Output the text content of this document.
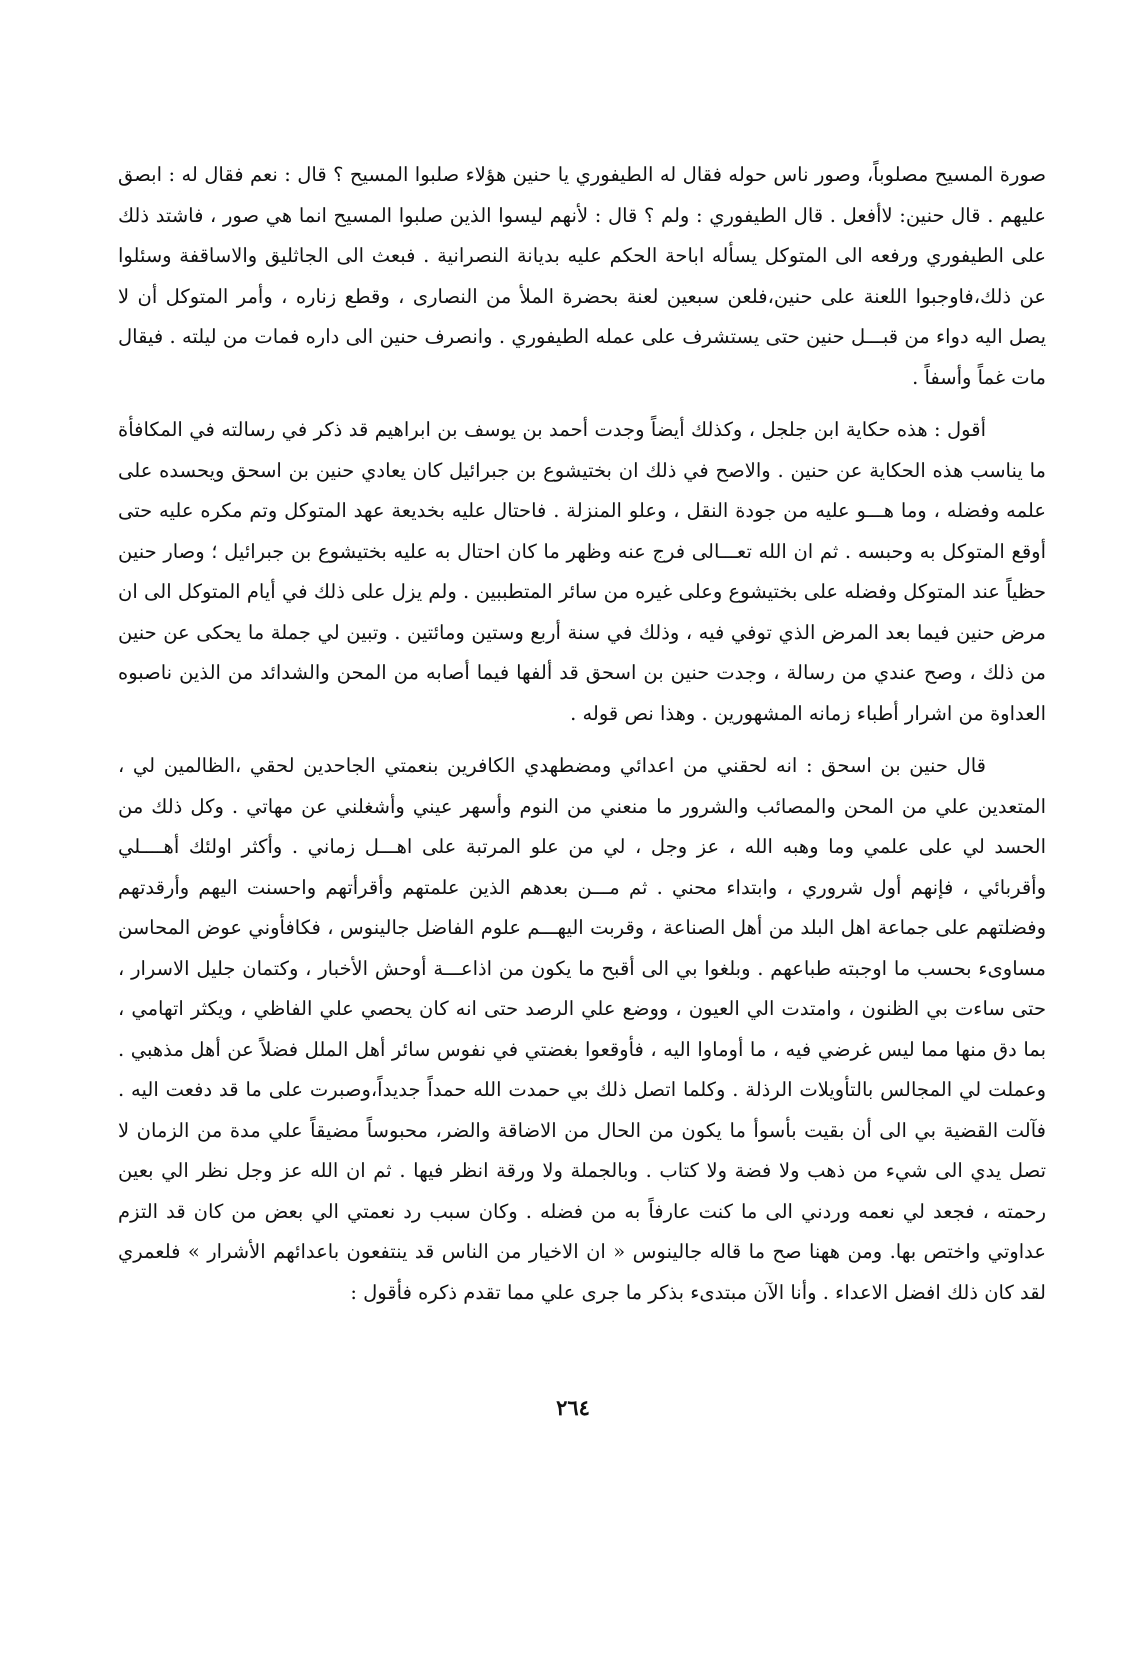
صورة المسيح مصلوباً، وصور ناس حوله فقال له الطيفوري يا حنين هؤلاء صلبوا المسيح ؟ قال : نعم فقال له : ابصق عليهم . قال حنين: لاأفعل . قال الطيفوري : ولم ؟ قال : لأنهم ليسوا الذين صلبوا المسيح انما هي صور ، فاشتد ذلك على الطيفوري ورفعه الى المتوكل يسأله اباحة الحكم عليه بديانة النصرانية . فبعث الى الجاثليق والاساقفة وسئلوا عن ذلك،فاوجبوا اللعنة على حنين،فلعن سبعين لعنة بحضرة الملأ من النصارى ، وقطع زناره ، وأمر المتوكل أن لا يصل اليه دواء من قبـــل حنين حتى يستشرف على عمله الطيفوري . وانصرف حنين الى داره فمات من ليلته . فيقال مات غماً وأسفاً .

أقول : هذه حكاية ابن جلجل ، وكذلك أيضاً وجدت أحمد بن يوسف بن ابراهيم قد ذكر في رسالته في المكافأة ما يناسب هذه الحكاية عن حنين . والاصح في ذلك ان بختيشوع بن جبرائيل كان يعادي حنين بن اسحق ويحسده على علمه وفضله ، وما هـــو عليه من جودة النقل ، وعلو المنزلة . فاحتال عليه بخديعة عهد المتوكل وتم مكره عليه حتى أوقع المتوكل به وحبسه . ثم ان الله تعـــالى فرج عنه وظهر ما كان احتال به عليه بختيشوع بن جبرائيل ؛ وصار حنين حظياً عند المتوكل وفضله على بختيشوع وعلى غيره من سائر المتطببين . ولم يزل على ذلك في أيام المتوكل الى ان مرض حنين فيما بعد المرض الذي توفي فيه ، وذلك في سنة أربع وستين ومائتين . وتبين لي جملة ما يحكى عن حنين من ذلك ، وصح عندي من رسالة ، وجدت حنين بن اسحق قد ألفها فيما أصابه من المحن والشدائد من الذين ناصبوه العداوة من اشرار أطباء زمانه المشهورين . وهذا نص قوله .

قال حنين بن اسحق : انه لحقني من اعدائي ومضطهدي الكافرين بنعمتي الجاحدين لحقي ،الظالمين لي ، المتعدين علي من المحن والمصائب والشرور ما منعني من النوم وأسهر عيني وأشغلني عن مهاتي . وكل ذلك من الحسد لي على علمي وما وهبه الله ، عز وجل ، لي من علو المرتبة على اهـــل زماني . وأكثر اولئك أهــــلي وأقربائي ، فإنهم أول شروري ، وابتداء محني . ثم مـــن بعدهم الذين علمتهم وأقرأتهم واحسنت اليهم وأرقدتهم وفضلتهم على جماعة اهل البلد من أهل الصناعة ، وقربت اليهـــم علوم الفاضل جالينوس ، فكافأوني عوض المحاسن مساوىء بحسب ما اوجبته طباعهم . وبلغوا بي الى أقبح ما يكون من اذاعـــة أوحش الأخبار ، وكتمان جليل الاسرار ، حتى ساءت بي الظنون ، وامتدت الي العيون ، ووضع علي الرصد حتى انه كان يحصي علي الفاظي ، ويكثر اتهامي ، بما دق منها مما ليس غرضي فيه ، ما أوماوا اليه ، فأوقعوا بغضتي في نفوس سائر أهل الملل فضلاً عن أهل مذهبي . وعملت لي المجالس بالتأويلات الرذلة . وكلما اتصل ذلك بي حمدت الله حمداً جديداً،وصبرت على ما قد دفعت اليه . فآلت القضية بي الى أن بقيت بأسوأ ما يكون من الحال من الاضاقة والضر، محبوساً مضيقاً علي مدة من الزمان لا تصل يدي الى شيء من ذهب ولا فضة ولا كتاب . وبالجملة ولا ورقة انظر فيها . ثم ان الله عز وجل نظر الي بعين رحمته ، فجعد لي نعمه وردني الى ما كنت عارفاً به من فضله . وكان سبب رد نعمتي الي بعض من كان قد التزم عداوتي واختص بها. ومن ههنا صح ما قاله جالينوس « ان الاخيار من الناس قد ينتفعون باعدائهم الأشرار » فلعمري لقد كان ذلك افضل الاعداء . وأنا الآن مبتدىء بذكر ما جرى علي مما تقدم ذكره فأقول :

٢٦٤
